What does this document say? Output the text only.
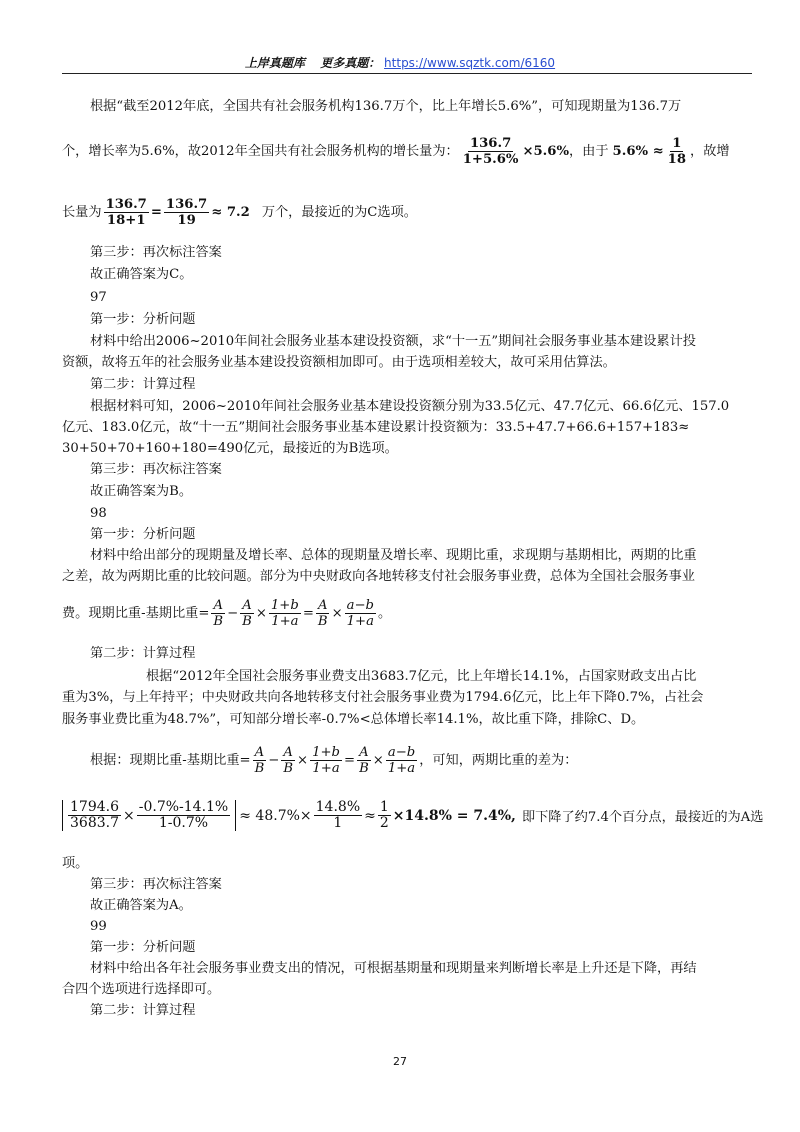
上岸真题库 更多真题： https://www.sqztk.com/6160
根据“截至2012年底，全国共有社会服务机构136.7万个，比上年增长5.6%”，可知现期量为136.7万
个，增长率为5.6%，故2012年全国共有社会服务机构的增长量为： $\frac{136.7}{1+5.6\%} \times 5.6\%$ ，由于 $5.6\% \approx \frac{1}{18}$ ，故增
长量为 $\frac{136.7}{18+1} = \frac{136.7}{19} \approx 7.2$ 万个，最接近的为C选项。
第三步：再次标注答案
故正确答案为C。
97
第一步：分析问题
材料中给出2006~2010年间社会服务业基本建设投资额，求“十一五”期间社会服务事业基本建设累计投
资额，故将五年的社会服务业基本建设投资额相加即可。由于选项相差较大，故可采用估算法。
第二步：计算过程
根据材料可知，2006~2010年间社会服务业基本建设投资额分别为33.5亿元、47.7亿元、66.6亿元、157.0
亿元、183.0亿元，故“十一五”期间社会服务事业基本建设累计投资额为：33.5+47.7+66.6+157+183≈
30+50+70+160+180=490亿元，最接近的为B选项。
第三步：再次标注答案
故正确答案为B。
98
第一步：分析问题
材料中给出部分的现期量及增长率、总体的现期量及增长率、现期比重，求现期与基期相比，两期的比重
之差，故为两期比重的比较问题。部分为中央财政向各地转移支付社会服务事业费，总体为全国社会服务事业
费。现期比重-基期比重= $\frac{A}{B} - \frac{A}{B} \times \frac{1+b}{1+a} = \frac{A}{B} \times \frac{a-b}{1+a}$ 。
第二步：计算过程
根据“2012年全国社会服务事业费支出3683.7亿元，比上年增长14.1%，占国家财政支出占比
重为3%，与上年持平；中央财政共向各地转移支付社会服务事业费为1794.6亿元，比上年下降0.7%，占社会
服务事业费比重为48.7%”，可知部分增长率-0.7%<总体增长率14.1%，故比重下降，排除C、D。
根据：现期比重-基期比重= $\frac{A}{B} - \frac{A}{B} \times \frac{1+b}{1+a} = \frac{A}{B} \times \frac{a-b}{1+a}$ ，可知，两期比重的差为：
$\frac{1794.6}{3683.7} \times \frac{-0.7\%-14.1\%}{1-0.7\%} \approx 48.7\%\times \frac{14.8\%}{1} \approx \frac{1}{2} \times 14.8\% = 7.4\%$, 即下降了约7.4个百分点，最接近的为A选
项。
第三步：再次标注答案
故正确答案为A。
99
第一步：分析问题
材料中给出各年社会服务事业费支出的情况，可根据基期量和现期量来判断增长率是上升还是下降，再结
合四个选项进行选择即可。
第二步：计算过程
27
